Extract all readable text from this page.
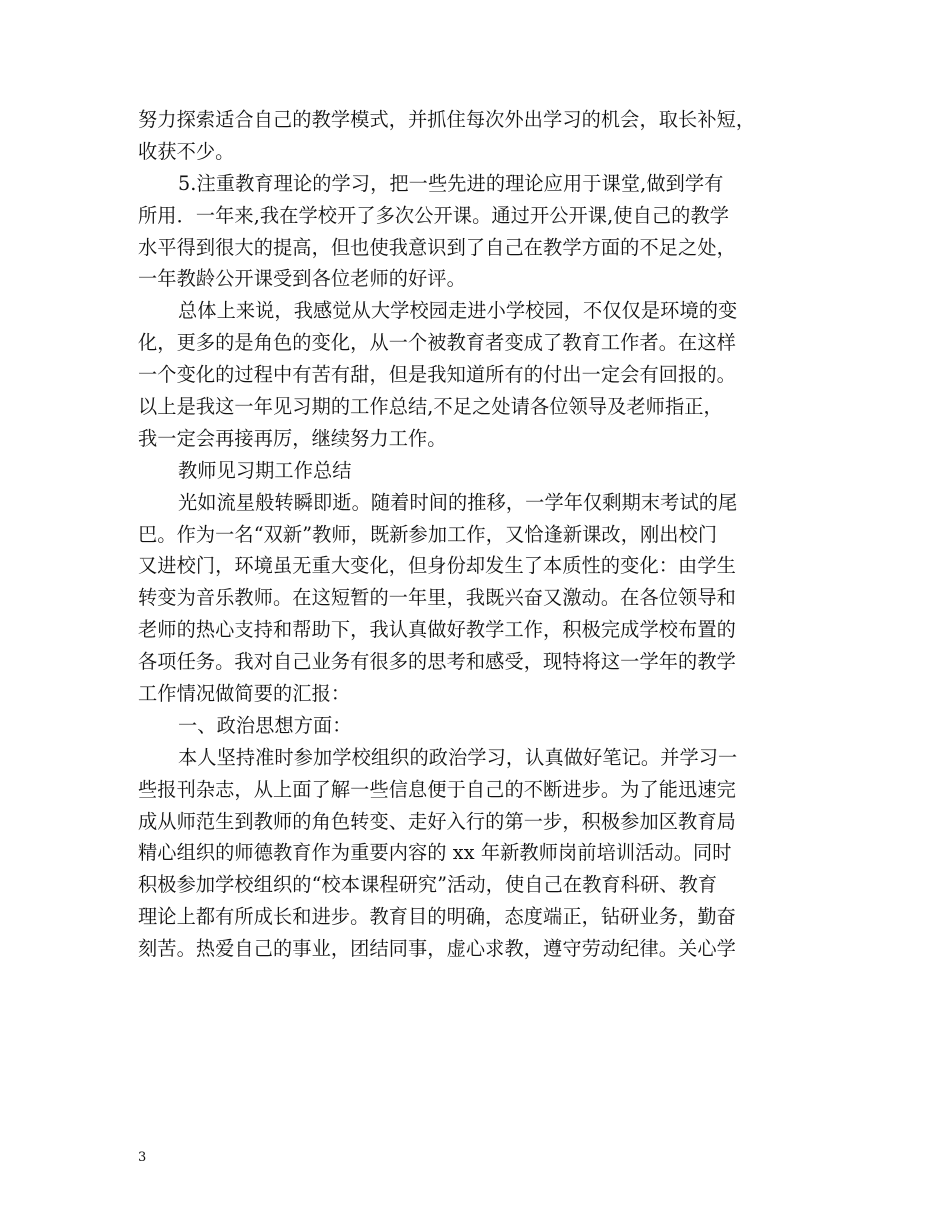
努力探索适合自己的教学模式，并抓住每次外出学习的机会，取长补短，
收获不少。
5.注重教育理论的学习，把一些先进的理论应用于课堂,做到学有
所用．一年来,我在学校开了多次公开课。通过开公开课,使自己的教学
水平得到很大的提高，但也使我意识到了自己在教学方面的不足之处，
一年教龄公开课受到各位老师的好评。
总体上来说，我感觉从大学校园走进小学校园，不仅仅是环境的变
化，更多的是角色的变化，从一个被教育者变成了教育工作者。在这样
一个变化的过程中有苦有甜，但是我知道所有的付出一定会有回报的。
以上是我这一年见习期的工作总结,不足之处请各位领导及老师指正，
我一定会再接再厉，继续努力工作。
教师见习期工作总结
光如流星般转瞬即逝。随着时间的推移，一学年仅剩期末考试的尾
巴。作为一名“双新”教师，既新参加工作，又恰逢新课改，刚出校门
又进校门，环境虽无重大变化，但身份却发生了本质性的变化：由学生
转变为音乐教师。在这短暂的一年里，我既兴奋又激动。在各位领导和
老师的热心支持和帮助下，我认真做好教学工作，积极完成学校布置的
各项任务。我对自己业务有很多的思考和感受，现特将这一学年的教学
工作情况做简要的汇报：
一、政治思想方面：
本人坚持准时参加学校组织的政治学习，认真做好笔记。并学习一
些报刊杂志，从上面了解一些信息便于自己的不断进步。为了能迅速完
成从师范生到教师的角色转变、走好入行的第一步，积极参加区教育局
精心组织的师德教育作为重要内容的 xx 年新教师岗前培训活动。同时
积极参加学校组织的“校本课程研究”活动，使自己在教育科研、教育
理论上都有所成长和进步。教育目的明确，态度端正，钻研业务，勤奋
刻苦。热爱自己的事业，团结同事，虚心求教，遵守劳动纪律。关心学
3
